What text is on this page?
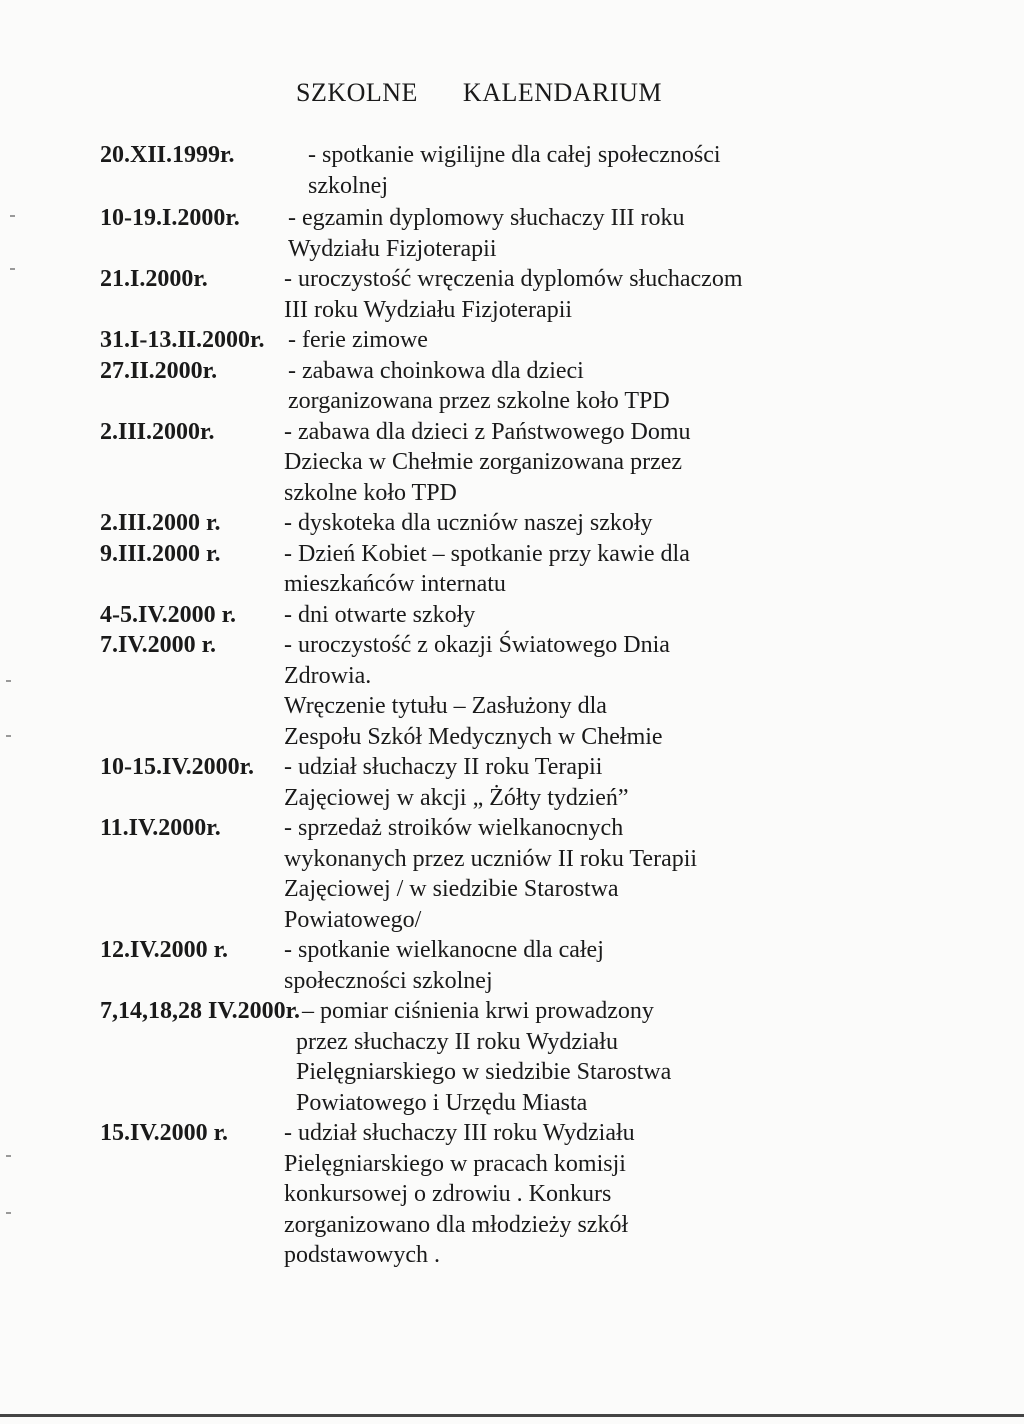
SZKOLNE KALENDARIUM
20.XII.1999r.	- spotkanie wigilijne dla całej społeczności
szkolnej
10-19.I.2000r. - egzamin dyplomowy słuchaczy III roku
Wydziału Fizjoterapii
21.I.2000r.	- uroczystość wręczenia dyplomów słuchaczom
III roku Wydziału Fizjoterapii
31.I-13.II.2000r. - ferie zimowe
27.II.2000r.	- zabawa choinkowa dla dzieci
zorganizowana przez szkolne koło TPD
2.III.2000r.	- zabawa dla dzieci z Państwowego Domu
Dziecka w Chełmie zorganizowana przez
szkolne koło TPD
2.III.2000 r.	- dyskoteka dla uczniów naszej szkoły
9.III.2000 r.	- Dzień Kobiet – spotkanie przy kawie dla
mieszkańców internatu
4-5.IV.2000 r. - dni otwarte szkoły
7.IV.2000 r.	- uroczystość z okazji Światowego Dnia
Zdrowia.
Wręczenie tytułu – Zasłużony dla
Zespołu Szkół Medycznych w Chełmie
10-15.IV.2000r. - udział słuchaczy II roku Terapii
Zajęciowej w akcji „ Żółty tydzień”
11.IV.2000r.	- sprzedaż stroików wielkanocnych
wykonanych przez uczniów II roku Terapii
Zajęciowej / w siedzibie Starostwa
Powiatowego/
12.IV.2000 r. - spotkanie wielkanocne dla całej
społeczności szkolnej
7,14,18,28 IV.2000r. – pomiar ciśnienia krwi prowadzony
przez słuchaczy II roku Wydziału
Pielęgniarskiego w siedzibie Starostwa
Powiatowego i Urzędu Miasta
15.IV.2000 r. - udział słuchaczy III roku Wydziału
Pielęgniarskiego w pracach komisji
konkursowej o zdrowiu . Konkurs
zorganizowano dla młodzieży szkół
podstawowych .
